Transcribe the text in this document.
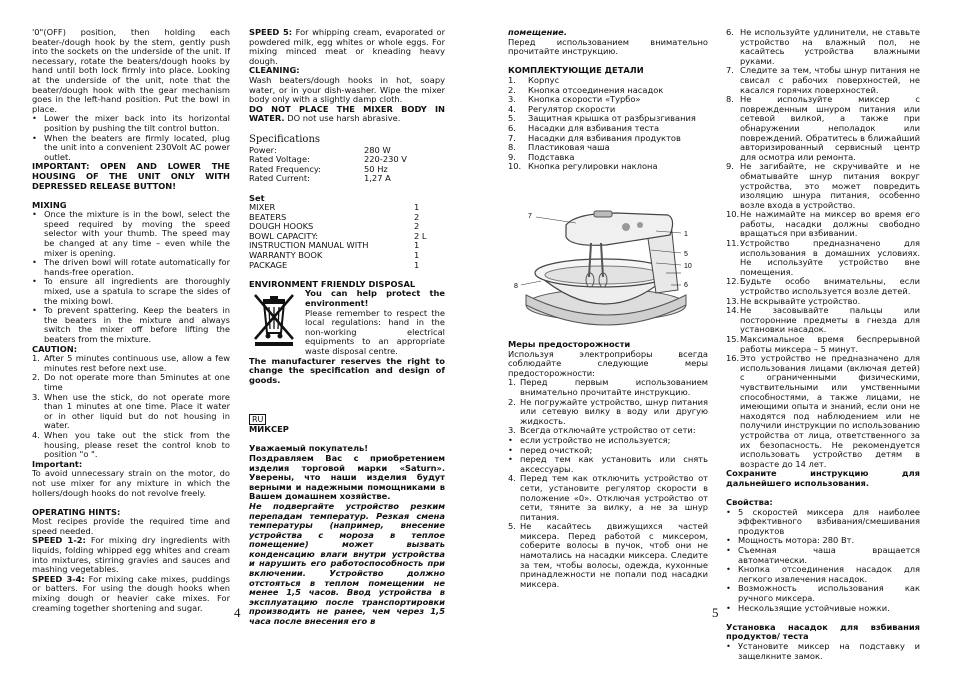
'0"(OFF) position, then holding each beater-/dough hook by the stem, gently push into the sockets on the underside of the unit. If necessary, rotate the beaters/dough hooks by hand until both lock firmly into place. Looking at the underside of the unit, note that the beater/dough hook with the gear mechanism goes in the left-hand position. Put the bowl in place.

• Lower the mixer back into its horizontal position by pushing the tilt control button.
• When the beaters are firmly located, plug the unit into a convenient 230Volt AC power outlet.

IMPORTANT: OPEN AND LOWER THE HOUSING OF THE UNIT ONLY WITH DEPRESSED RELEASE BUTTON!

MIXING

• Once the mixture is in the bowl, select the speed required by moving the speed selector with your thumb. The speed may be changed at any time – even while the mixer is opening.
• The driven bowl will rotate automatically for hands-free operation.
• To ensure all ingredients are thoroughly mixed, use a spatula to scrape the sides of the mixing bowl.
• To prevent spattering. Keep the beaters in the beaters in the mixture and always switch the mixer off before lifting the beaters from the mixture.

CAUTION:

1. After 5 minutes continuous use, allow a few minutes rest before next use.
2. Do not operate more than 5minutes at one time
3. When use the stick, do not operate more than 1 minutes at one time. Place it water or in other liquid but do not housing in water.
4. When you take out the stick from the housing, please reset the control knob to position "o ".

Important:

To avoid unnecessary strain on the motor, do not use mixer for any mixture in which the hollers/dough hooks do not revolve freely.

OPERATING HINTS:

Most recipes provide the required time and speed needed.

SPEED 1-2: For mixing dry ingredients with liquids, folding whipped egg whites and cream into mixtures, stirring gravies and sauces and mashing vegetables.

SPEED 3-4: For mixing cake mixes, puddings or batters. For using the dough hooks when mixing dough or heavier cake mixes. For creaming together shortening and sugar.

SPEED 5: For whipping cream, evaporated or powdered milk, egg whites or whole eggs. For mixing minced meat or kneading heavy dough.

CLEANING:

Wash beaters/dough hooks in hot, soapy water, or in your dish-washer. Wipe the mixer body only with a slightly damp cloth.

DO NOT PLACE THE MIXER BODY IN WATER. DO not use harsh abrasive.

Specifications

Power:	280 W
Rated Voltage:	220-230 V
Rated Frequency:	50 Hz
Rated Current:	1,27 A

Set

MIXER	1
BEATERS	2
DOUGH HOOKS	2
BOWL CAPACITY:	2 L
INSTRUCTION MANUAL WITH	1
WARRANTY BOOK	1
PACKAGE	1

ENVIRONMENT FRIENDLY DISPOSAL

You can help protect the environment!

Please remember to respect the local regulations: hand in the non-working electrical equipments to an appropriate waste disposal centre.

The manufacturer reserves the right to change the specification and design of goods.

RU

МИКСЕР

Уважаемый покупатель!

Поздравляем Вас с приобретением изделия торговой марки «Saturn». Уверены, что наши изделия будут верными и надежными помощниками в Вашем домашнем хозяйстве.

Не подвергайте устройство резким перепадам температур. Резкая смена температуры (например, внесение устройства с мороза в теплое помещение) может вызвать конденсацию влаги внутри устройства и нарушить его работоспособность при включении. Устройство должно отстояться в теплом помещении не менее 1,5 часов. Ввод устройства в эксплуатацию после транспортировки производить не ранее, чем через 1,5 часа после внесения его в

помещение.

Перед использованием внимательно прочитайте инструкцию.

КОМПЛЕКТУЮЩИЕ ДЕТАЛИ

1.	Корпус
2.	Кнопка отсоединения насадок
3.	Кнопка скорости «Турбо»
4.	Регулятор скорости
5.	Защитная крышка от разбрызгивания
6.	Насадки для взбивания теста
7.	Насадки для взбивания продуктов
8.	Пластиковая чаша
9.	Подставка
10. Кнопка регулировки наклона
7
1
5
10
6
8

Меры предосторожности

Используя электроприборы всегда соблюдайте следующие меры предосторожности:

1. Перед первым использованием внимательно прочитайте инструкцию.
2. Не погружайте устройство, шнур питания или сетевую вилку в воду или другую жидкость.
3. Всегда отключайте устройство от сети:
• если устройство не используется;
• перед очисткой;
• перед тем как установить или снять аксессуары.
4. Перед тем как отключить устройство от сети, установите регулятор скорости в положение «0». Отключая устройство от сети, тяните за вилку, а не за шнур питания.
5. Не касайтесь движущихся частей миксера. Перед работой с миксером, соберите волосы в пучок, чтоб они не намотались на насадки миксера. Следите за тем, чтобы волосы, одежда, кухонные принадлежности не попали под насадки миксера.
6. Не используйте удлинители, не ставьте устройство на влажный пол, не касайтесь устройства влажными руками.
7. Следите за тем, чтобы шнур питания не свисал с рабочих поверхностей, не касался горячих поверхностей.
8. Не используйте миксер с поврежденным шнуром питания или сетевой вилкой, а также при обнаружении неполадок или повреждений. Обратитесь в ближайший авторизированный сервисный центр для осмотра или ремонта.
9. Не загибайте, не скручивайте и не обматывайте шнур питания вокруг устройства, это может повредить изоляцию шнура питания, особенно возле входа в устройство.
10. Не нажимайте на миксер во время его работы, насадки должны свободно вращаться при взбивании.
11. Устройство предназначено для использования в домашних условиях. Не используйте устройство вне помещения.
12. Будьте особо внимательны, если устройство используется возле детей.
13. Не вскрывайте устройство.
14. Не засовывайте пальцы или посторонние предметы в гнезда для установки насадок.
15. Максимальное время беспрерывной работы миксера – 5 минут.
16. Это устройство не предназначено для использования лицами (включая детей) с ограниченными физическими, чувствительными или умственными способностями, а также лицами, не имеющими опыта и знаний, если они не находятся под наблюдением или не получили инструкции по использованию устройства от лица, ответственного за их безопасность. Не рекомендуется использовать устройство детям в возрасте до 14 лет.

Сохраните инструкцию для дальнейшего использования.

Свойства:

• 5 скоростей миксера для наиболее эффективного взбивания/смешивания продуктов
• Мощность мотора: 280 Вт.
• Съемная чаша вращается автоматически.
• Кнопка отсоединения насадок для легкого извлечения насадок.
• Возможность использования как ручного миксера.
• Нескользящие устойчивые ножки.

Установка насадок для взбивания продуктов/ теста

• Установите миксер на подставку и защелкните замок.
4	5
